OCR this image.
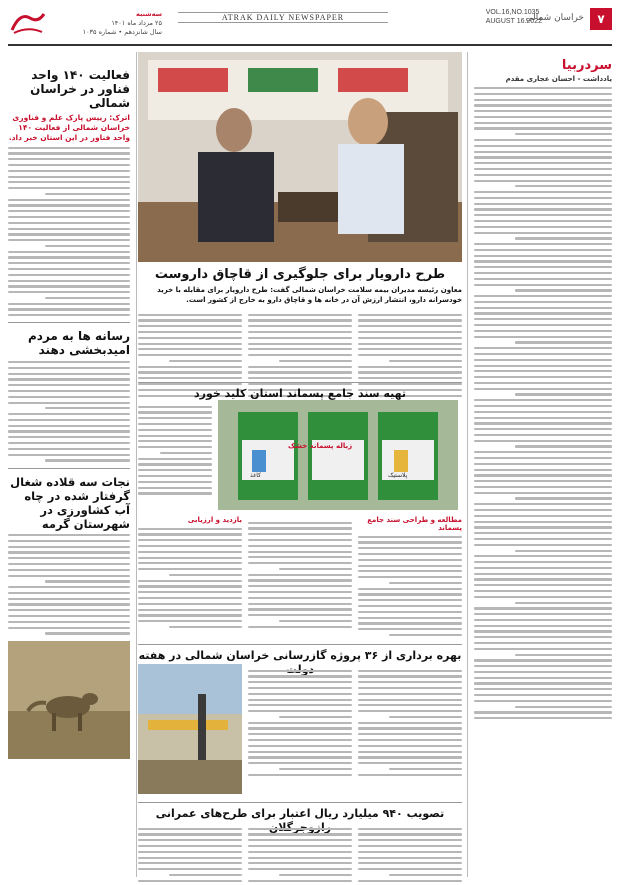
۷
خراسان شمالی
VOL.16,NO.1035
AUGUST 16.2022
ATRAK DAILY NEWSPAPER
سه‌شنبه
۲۵ مرداد ماه ۱۴۰۱
سال شانزدهم • شماره ۱۰۳۵
سردربیا
یادداشت - احسان عجاری مقدم
فعالیت ۱۴۰ واحد فناور در خراسان شمالی
اترک: رییس پارک علم و فناوری خراسان شمالی از فعالیت ۱۴۰ واحد فناور در این استان خبر داد.
رسانه ها به مردم امیدبخشی دهند
نجات سه قلاده شغال گرفتار شده در چاه آب کشاورزی در شهرستان گرمه
طرح دارویار برای جلوگیری از قاچاق داروست
معاون رئیسه مدیران بیمه سلامت خراسان شمالی گفت: طرح دارویار برای مقابله با خرید خودسرانه دارو، انتشار ارزش آن در خانه ها و قاچاق دارو به خارج از کشور است.
تهیه سند جامع پسماند استان کلید خورد
زباله پسماند خشک
کاغذ	پلاستیک
مطالعه و طراحی سند جامع پسماند
بازدید و ارزیابی
بهره برداری از ۳۶ پروژه گازرسانی خراسان شمالی در هفته
تصویب ۹۴۰ میلیارد ریال اعتبار برای طرح‌های عمرانی
